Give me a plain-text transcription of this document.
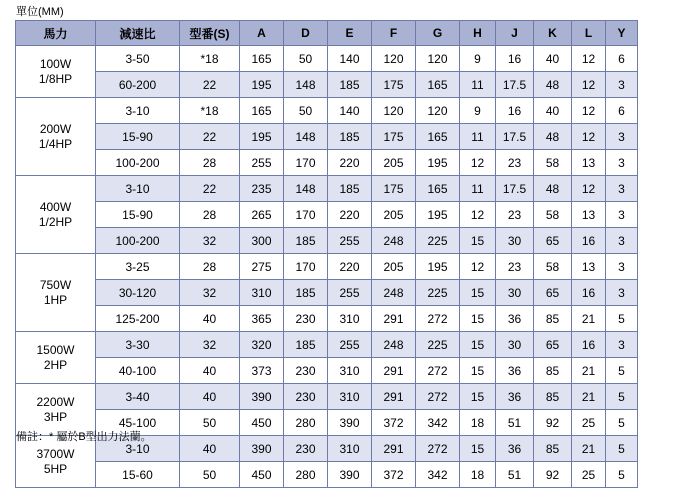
單位(MM)
馬力	減速比	型番(S)	A	D	E	F	G	H	J	K	L	Y

100W
1/8HP	3-50	*18	165	50	140	120	120	9	16	40	12	6
	60-200	22	195	148	185	175	165	11	17.5	48	12	3

200W
1/4HP	3-10	*18	165	50	140	120	120	9	16	40	12	6
	15-90	22	195	148	185	175	165	11	17.5	48	12	3
	100-200	28	255	170	220	205	195	12	23	58	13	3

400W
1/2HP	3-10	22	235	148	185	175	165	11	17.5	48	12	3
	15-90	28	265	170	220	205	195	12	23	58	13	3
	100-200	32	300	185	255	248	225	15	30	65	16	3

750W
1HP	3-25	28	275	170	220	205	195	12	23	58	13	3
	30-120	32	310	185	255	248	225	15	30	65	16	3
	125-200	40	365	230	310	291	272	15	36	85	21	5

1500W
2HP	3-30	32	320	185	255	248	225	15	30	65	16	3
	40-100	40	373	230	310	291	272	15	36	85	21	5

2200W
3HP	3-40	40	390	230	310	291	272	15	36	85	21	5
	45-100	50	450	280	390	372	342	18	51	92	25	5

3700W
5HP	3-10	40	390	230	310	291	272	15	36	85	21	5
	15-60	50	450	280	390	372	342	18	51	92	25	5
備註：* 屬於B型出力法蘭。
